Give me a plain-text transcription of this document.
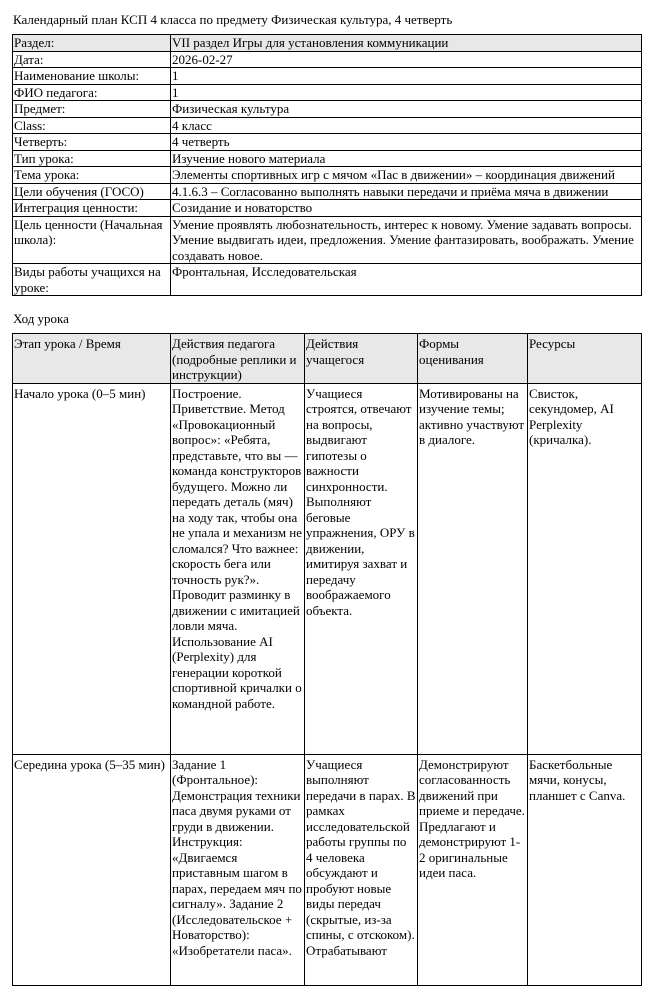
Календарный план КСП 4 класса по предмету Физическая культура, 4 четверть
Раздел:	VII раздел Игры для установления коммуникации
Дата:	2026-02-27
Наименование школы:	1
ФИО педагога:	1
Предмет:	Физическая культура
Class:	4 класс
Четверть:	4 четверть
Тип урока:	Изучение нового материала
Тема урока:	Элементы спортивных игр с мячом «Пас в движении» – координация движений
Цели обучения (ГОСО)	4.1.6.3 – Согласованно выполнять навыки передачи и приёма мяча в движении
Интеграция ценности:	Созидание и новаторство
Цель ценности (Начальная школа):	Умение проявлять любознательность, интерес к новому. Умение задавать вопросы. Умение выдвигать идеи, предложения. Умение фантазировать, воображать. Умение создавать новое.
Виды работы учащихся на уроке:	Фронтальная, Исследовательская
Ход урока
Этап урока / Время	Действия педагога (подробные реплики и инструкции)	Действия учащегося	Формы оценивания	Ресурсы
Начало урока (0–5 мин)	Построение. Приветствие. Метод «Провокационный вопрос»: «Ребята, представьте, что вы — команда конструкторов будущего. Можно ли передать деталь (мяч) на ходу так, чтобы она не упала и механизм не сломался? Что важнее: скорость бега или точность рук?». Проводит разминку в движении с имитацией ловли мяча. Использование AI (Perplexity) для генерации короткой спортивной кричалки о командной работе.	Учащиеся строятся, отвечают на вопросы, выдвигают гипотезы о важности синхронности. Выполняют беговые упражнения, ОРУ в движении, имитируя захват и передачу воображаемого объекта.	Мотивированы на изучение темы; активно участвуют в диалоге.	Свисток, секундомер, AI Perplexity (кричалка).
Середина урока (5–35 мин)	Задание 1 (Фронтальное): Демонстрация техники паса двумя руками от груди в движении. Инструкция: «Двигаемся приставным шагом в парах, передаем мяч по сигналу». Задание 2 (Исследовательское + Новаторство): «Изобретатели паса».	Учащиеся выполняют передачи в парах. В рамках исследовательской работы группы по 4 человека обсуждают и пробуют новые виды передач (скрытые, из-за спины, с отскоком). Отрабатывают	Демонстрируют согласованность движений при приеме и передаче. Предлагают и демонстрируют 1-2 оригинальные идеи паса.	Баскетбольные мячи, конусы, планшет с Canva.
